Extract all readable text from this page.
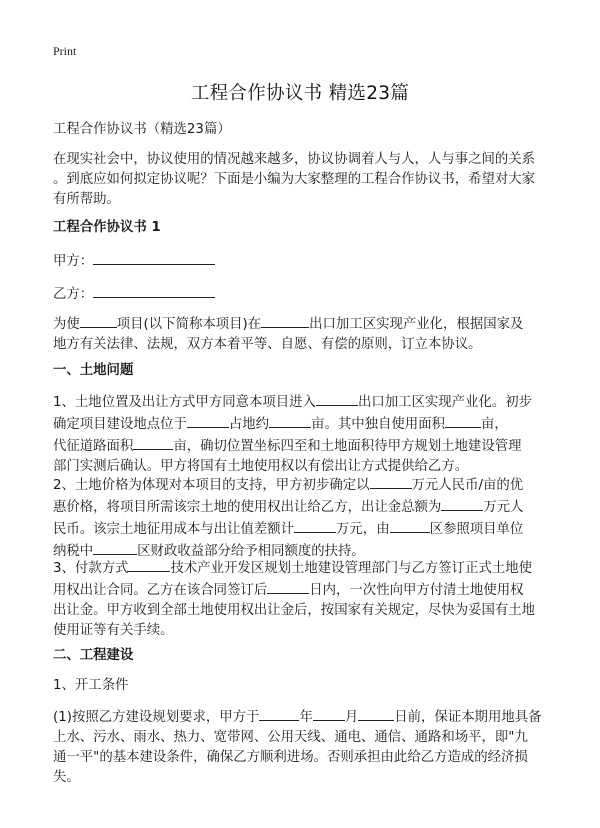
Print
工程合作协议书 精选23篇

工程合作协议书（精选23篇）

在现实社会中，协议使用的情况越来越多，协议协调着人与人，人与事之间的关系
。到底应如何拟定协议呢？下面是小编为大家整理的工程合作协议书，希望对大家
有所帮助。

工程合作协议书 1

甲方：
乙方：
为使	项目(以下简称本项目)在	出口加工区实现产业化，根据国家及
地方有关法律、法规，双方本着平等、自愿、有偿的原则，订立本协议。

一、土地问题

1、土地位置及出让方式甲方同意本项目进入	出口加工区实现产业化。初步
确定项目建设地点位于	占地约	亩。其中独自使用面积	亩，
代征道路面积	亩，确切位置坐标四至和土地面积待甲方规划土地建设管理
部门实测后确认。甲方将国有土地使用权以有偿出让方式提供给乙方。
2、土地价格为体现对本项目的支持，甲方初步确定以	万元人民币/亩的优
惠价格，将项目所需该宗土地的使用权出让给乙方，出让金总额为	万元人
民币。该宗土地征用成本与出让值差额计	万元，由	区参照项目单位
纳税中	区财政收益部分给予相同额度的扶持。
3、付款方式	技术产业开发区规划土地建设管理部门与乙方签订正式土地使
用权出让合同。乙方在该合同签订后	日内，一次性向甲方付清土地使用权
出让金。甲方收到全部土地使用权出让金后，按国家有关规定，尽快为妥国有土地
使用证等有关手续。

二、工程建设

1、开工条件

(1)按照乙方建设规划要求，甲方于	年 月	日前，保证本期用地具备
上水、污水、雨水、热力、宽带网、公用天线、通电、通信、通路和场平，即"九
通一平"的基本建设条件，确保乙方顺利进场。否则承担由此给乙方造成的经济损
失。
